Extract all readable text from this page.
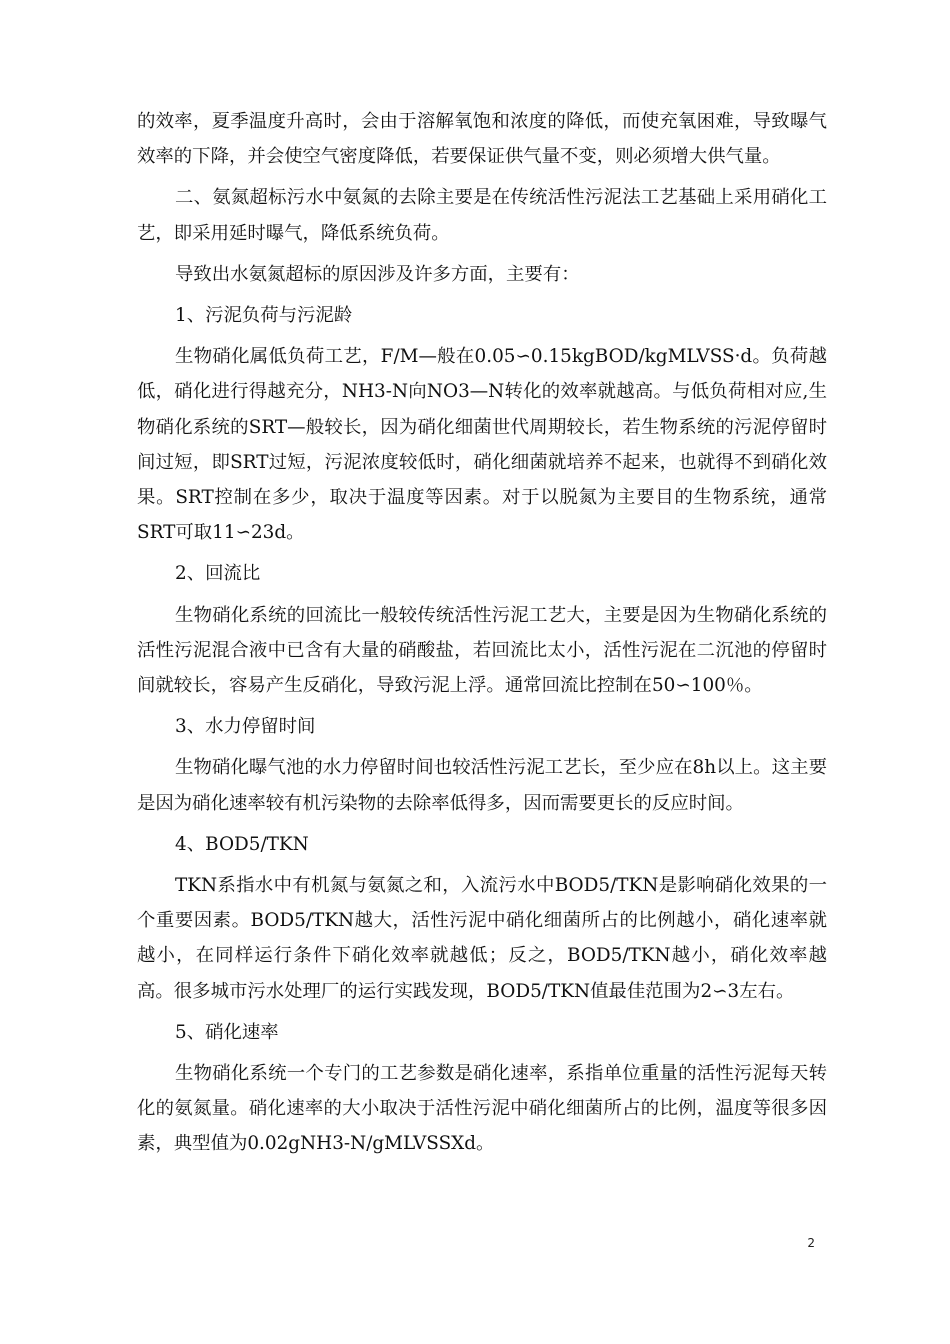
的效率，夏季温度升高时，会由于溶解氧饱和浓度的降低，而使充氧困难，导致曝气效率的下降，并会使空气密度降低，若要保证供气量不变，则必须增大供气量。

二、氨氮超标污水中氨氮的去除主要是在传统活性污泥法工艺基础上采用硝化工艺，即采用延时曝气，降低系统负荷。

导致出水氨氮超标的原因涉及许多方面，主要有：

1、污泥负荷与污泥龄

生物硝化属低负荷工艺，F/M—般在0.05∽0.15kgBOD/kgMLVSS·d。负荷越低，硝化进行得越充分，NH3-N向NO3—N转化的效率就越高。与低负荷相对应,生物硝化系统的SRT—般较长，因为硝化细菌世代周期较长，若生物系统的污泥停留时间过短，即SRT过短，污泥浓度较低时，硝化细菌就培养不起来，也就得不到硝化效果。SRT控制在多少，取决于温度等因素。对于以脱氮为主要目的生物系统，通常SRT可取11∽23d。

2、回流比

生物硝化系统的回流比一般较传统活性污泥工艺大，主要是因为生物硝化系统的活性污泥混合液中已含有大量的硝酸盐，若回流比太小，活性污泥在二沉池的停留时间就较长，容易产生反硝化，导致污泥上浮。通常回流比控制在50∽100％。

3、水力停留时间

生物硝化曝气池的水力停留时间也较活性污泥工艺长，至少应在8h以上。这主要是因为硝化速率较有机污染物的去除率低得多，因而需要更长的反应时间。

4、BOD5/TKN

TKN系指水中有机氮与氨氮之和，入流污水中BOD5/TKN是影响硝化效果的一个重要因素。BOD5/TKN越大，活性污泥中硝化细菌所占的比例越小，硝化速率就越小，在同样运行条件下硝化效率就越低；反之，BOD5/TKN越小，硝化效率越高。很多城市污水处理厂的运行实践发现，BOD5/TKN值最佳范围为2∽3左右。

5、硝化速率

生物硝化系统一个专门的工艺参数是硝化速率，系指单位重量的活性污泥每天转化的氨氮量。硝化速率的大小取决于活性污泥中硝化细菌所占的比例，温度等很多因素，典型值为0.02gNH3-N/gMLVSSXd。

2
